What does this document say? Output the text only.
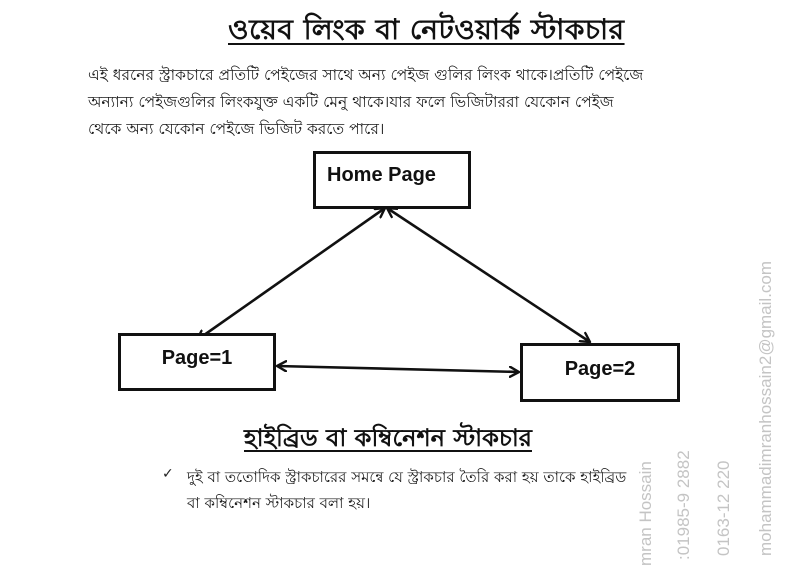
ওয়েব লিংক বা নেটওয়ার্ক স্টাকচার
এই ধরনের স্ট্রাকচারে প্রতিটি পেইজের সাথে অন্য পেইজ গুলির লিংক থাকে।প্রতিটি পেইজে
অন্যান্য পেইজগুলির লিংকযুক্ত একটি মেনু থাকে।যার ফলে ভিজিটাররা যেকোন পেইজ
থেকে অন্য যেকোন পেইজে ভিজিট করতে পারে।
Home Page
Page=1	Page=2
হাইব্রিড বা কম্বিনেশন স্টাকচার
✓ দুই বা ততোদিক স্ট্রাকচারের সমন্বে যে স্ট্রাকচার তৈরি করা হয় তাকে হাইব্রিড
বা কম্বিনেশন স্টাকচার বলা হয়।	mran Hossain :01985-9 2882 0163-12 220 mohammadimranhossain2@gmail.com
